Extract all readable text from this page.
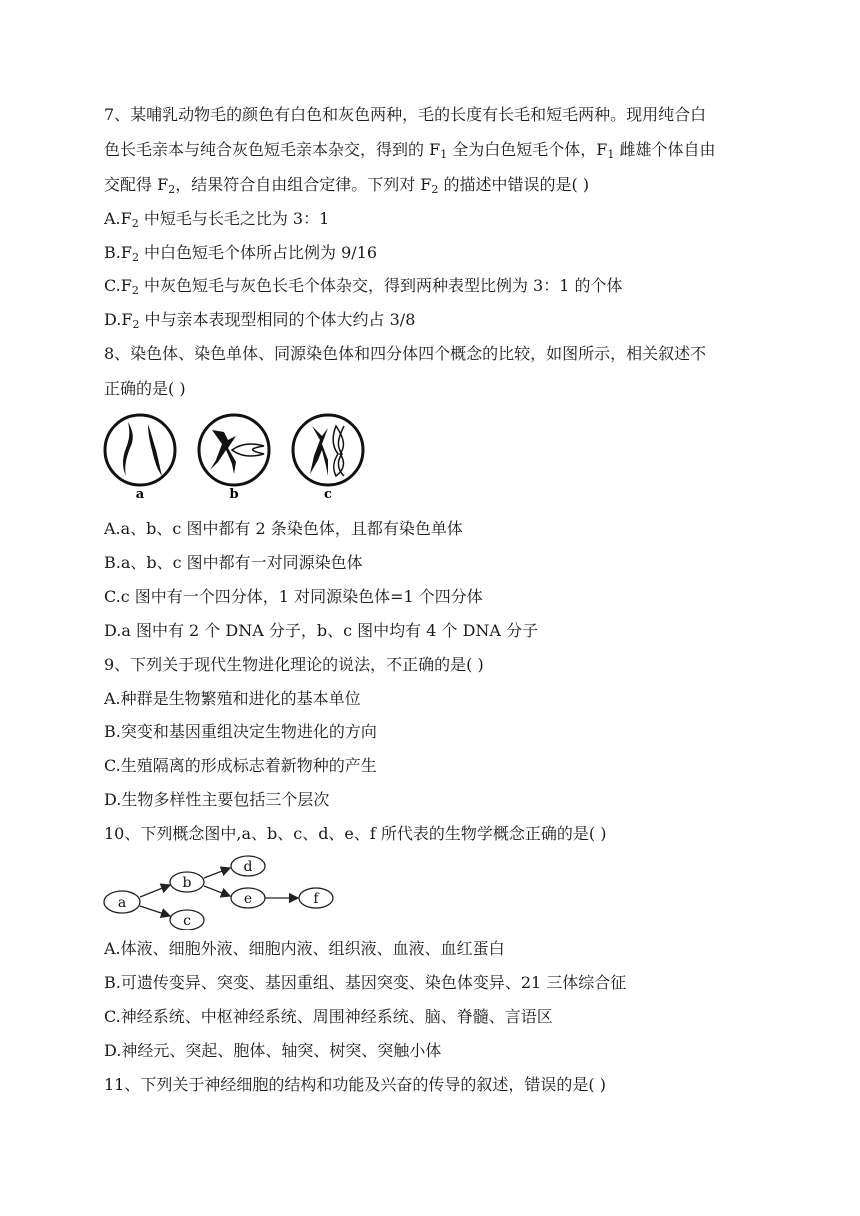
7、某哺乳动物毛的颜色有白色和灰色两种，毛的长度有长毛和短毛两种。现用纯合白
色长毛亲本与纯合灰色短毛亲本杂交，得到的 $F_1$ 全为白色短毛个体，$F_1$ 雌雄个体自由
交配得 $F_2$，结果符合自由组合定律。下列对 $F_2$ 的描述中错误的是( )
$A.F_2$ 中短毛与长毛之比为 3：1
$B.F_2$ 中白色短毛个体所占比例为 9/16
$C.F_2$ 中灰色短毛与灰色长毛个体杂交，得到两种表型比例为 3：1 的个体
$D.F_2$ 中与亲本表现型相同的个体大约占 3/8
8、染色体、染色单体、同源染色体和四分体四个概念的比较，如图所示，相关叙述不
正确的是( )
a	b	c
A.a、b、c 图中都有 2 条染色体，且都有染色单体
B.a、b、c 图中都有一对同源染色体
C.c 图中有一个四分体，1 对同源染色体=1 个四分体
D.a 图中有 2 个 DNA 分子，b、c 图中均有 4 个 DNA 分子
9、下列关于现代生物进化理论的说法，不正确的是( )
A.种群是生物繁殖和进化的基本单位
B.突变和基因重组决定生物进化的方向
C.生殖隔离的形成标志着新物种的产生
D.生物多样性主要包括三个层次
10、下列概念图中,a、b、c、d、e、f 所代表的生物学概念正确的是( )
a
b
c
d
e	f
A.体液、细胞外液、细胞内液、组织液、血液、血红蛋白
B.可遗传变异、突变、基因重组、基因突变、染色体变异、21 三体综合征
C.神经系统、中枢神经系统、周围神经系统、脑、脊髓、言语区
D.神经元、突起、胞体、轴突、树突、突触小体
11、下列关于神经细胞的结构和功能及兴奋的传导的叙述，错误的是( )
